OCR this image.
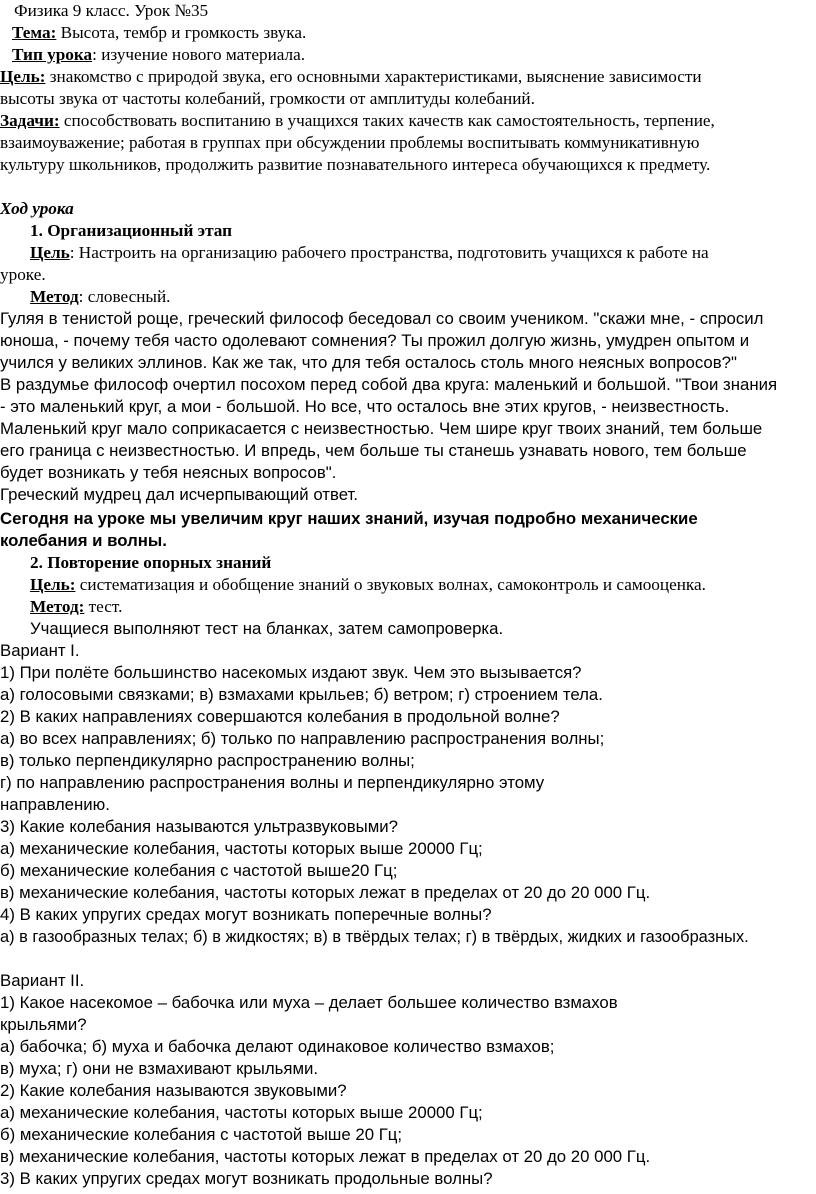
Физика 9 класс. Урок №35
Тема: Высота, тембр и громкость звука.
Тип урока: изучение нового материала.
Цель: знакомство с природой звука, его основными характеристиками, выяснение зависимости
высоты звука от частоты колебаний, громкости от амплитуды колебаний.
Задачи: способствовать воспитанию в учащихся таких качеств как самостоятельность, терпение,
взаимоуважение; работая в группах при обсуждении проблемы воспитывать коммуникативную
культуру школьников, продолжить развитие познавательного интереса обучающихся к предмету.
Ход урока
1. Организационный этап
Цель: Настроить на организацию рабочего пространства, подготовить учащихся к работе на
уроке.
Метод: словесный.
Гуляя в тенистой роще, греческий философ беседовал со своим учеником. "скажи мне, - спросил
юноша, - почему тебя часто одолевают сомнения? Ты прожил долгую жизнь, умудрен опытом и
учился у великих эллинов. Как же так, что для тебя осталось столь много неясных вопросов?"
В раздумье философ очертил посохом перед собой два круга: маленький и большой. "Твои знания
- это маленький круг, а мои - большой. Но все, что осталось вне этих кругов, - неизвестность.
Маленький круг мало соприкасается с неизвестностью. Чем шире круг твоих знаний, тем больше
его граница с неизвестностью. И впредь, чем больше ты станешь узнавать нового, тем больше
будет возникать у тебя неясных вопросов".
Греческий мудрец дал исчерпывающий ответ.
Сегодня на уроке мы увеличим круг наших знаний, изучая подробно механические
колебания и волны.
2. Повторение опорных знаний
Цель: систематизация и обобщение знаний о звуковых волнах, самоконтроль и самооценка.
Метод: тест.
Учащиеся выполняют тест на бланках, затем самопроверка.
Вариант I.
1) При полёте большинство насекомых издают звук. Чем это вызывается?
а) голосовыми связками; в) взмахами крыльев; б) ветром; г) строением тела.
2) В каких направлениях совершаются колебания в продольной волне?
а) во всех направлениях; б) только по направлению распространения волны;
в) только перпендикулярно распространению волны;
г) по направлению распространения волны и перпендикулярно этому
направлению.
3) Какие колебания называются ультразвуковыми?
а) механические колебания, частоты которых выше 20000 Гц;
б) механические колебания с частотой выше20 Гц;
в) механические колебания, частоты которых лежат в пределах от 20 до 20 000 Гц.
4) В каких упругих средах могут возникать поперечные волны?
а) в газообразных телах; б) в жидкостях; в) в твёрдых телах; г) в твёрдых, жидких и газообразных.
Вариант II.
1) Какое насекомое – бабочка или муха – делает большее количество взмахов
крыльями?
а) бабочка; б) муха и бабочка делают одинаковое количество взмахов;
в) муха; г) они не взмахивают крыльями.
2) Какие колебания называются звуковыми?
а) механические колебания, частоты которых выше 20000 Гц;
б) механические колебания с частотой выше 20 Гц;
в) механические колебания, частоты которых лежат в пределах от 20 до 20 000 Гц.
3) В каких упругих средах могут возникать продольные волны?
